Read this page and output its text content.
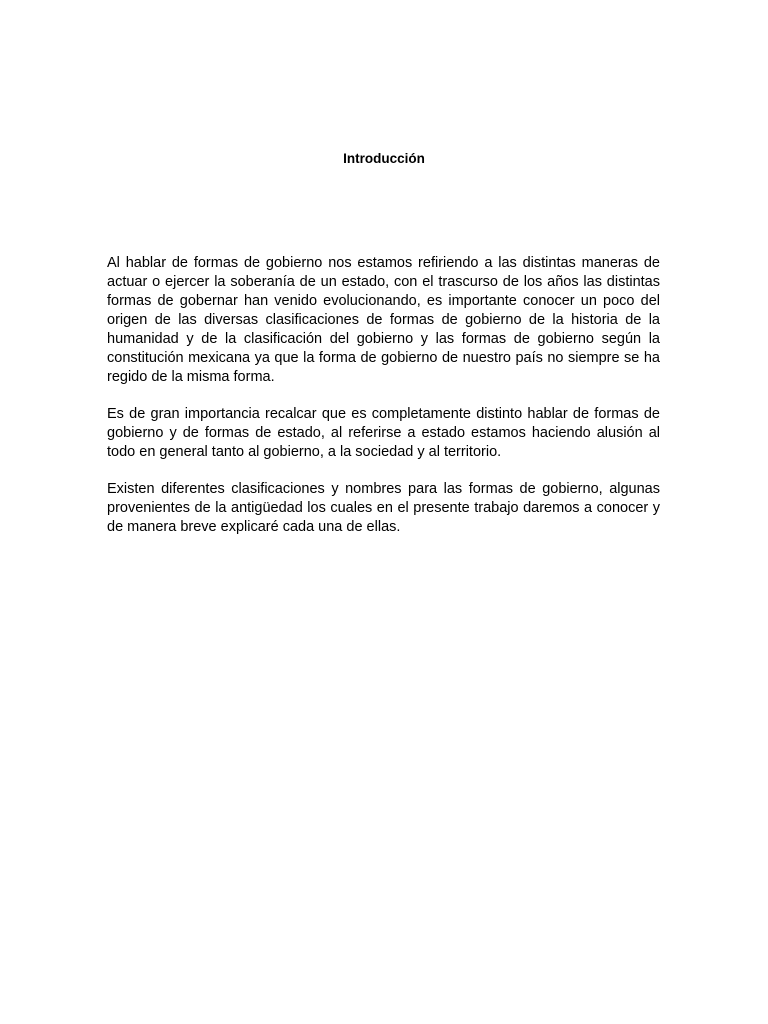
Introducción

Al hablar de formas de gobierno nos estamos refiriendo a las distintas maneras de actuar o ejercer la soberanía de un estado, con el trascurso de los años las distintas formas de gobernar han venido evolucionando, es importante conocer un poco del origen de las diversas clasificaciones de formas de gobierno de la historia de la humanidad y de la clasificación del gobierno y las formas de gobierno según la constitución mexicana ya que la forma de gobierno de nuestro país no siempre se ha regido de la misma forma.

Es de gran importancia recalcar que es completamente distinto hablar de formas de gobierno y de formas de estado, al referirse a estado estamos haciendo alusión al todo en general tanto al gobierno, a la sociedad y al territorio.

Existen diferentes clasificaciones y nombres para las formas de gobierno, algunas provenientes de la antigüedad los cuales en el presente trabajo daremos a conocer y de manera breve explicaré cada una de ellas.
